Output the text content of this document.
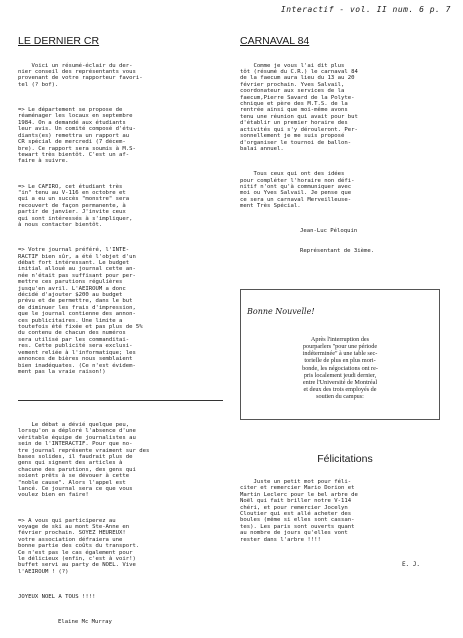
Interactif - vol. II num. 6 p. 7

LE DERNIER CR

Voici un résumé-éclair du der-
nier conseil des représentants vous
provenant de votre rapporteur favori-
tel (? bof).

=> Le département se propose de
réaménager les locaux en septembre
1984. On a demandé aux étudiants
leur avis. Un comité composé d'étu-
diants(es) remettra un rapport au
CR spécial de mercredi (7 décem-
bre). Ce rapport sera soumis à M.S-
tewart très bientôt. C'est un af-
faire à suivre.

=> Le CAFIRO, cet étudiant très
"in" tenu au V-116 en octobre et
qui a eu un succès "monstre" sera
recouvert de façon permanente, à
partir de janvier. J'invite ceux
qui sont intéressés à s'impliquer,
à nous contacter bientôt.

=> Votre journal préféré, l'INTE-
RACTIF bien sûr, a été l'objet d'un
débat fort intéressant. Le budget
initial alloué au journal cette an-
née n'était pas suffisant pour per-
mettre ces parutions régulières
jusqu'en avril. L'AEIROUM a donc
décidé d'ajouter $200 au budget
prévu et de permettre, dans le but
de diminuer les frais d'impression,
que le journal contienne des annon-
ces publicitaires. Une limite a
toutefois été fixée et pas plus de 5%
du contenu de chacun des numéros
sera utilisé par les commanditai-
res. Cette publicité sera exclusi-
vement reliée à l'informatique; les
annonces de bières nous semblaient
bien inadéquates. (Ce n'est évidem-
ment pas la vraie raison!)

Le débat a dévié quelque peu,
lorsqu'on a déploré l'absence d'une
véritable équipe de journalistes au
sein de l'INTERACTIF. Pour que no-
tre journal représente vraiment sur des
bases solides, il faudrait plus de
gens qui signent des articles à
chacune des parutions, des gens qui
soient prêts à se dévouer à cette
"noble cause". Alors l'appel est
lancé. Ce journal sera ce que vous
voulez bien en faire!

=> A vous qui participerez au
voyage de ski au mont Ste-Anne en
février prochain. SOYEZ HEUREUX!
votre association défraiera une
bonne partie des coûts du transport.
Ce n'est pas le cas également pour
le délicieux (enfin, c'est à voir!)
buffet servi au party de NOEL. Vive
l'AEIROUM ! (?)

JOYEUX NOEL A TOUS !!!!

Elaine Mc Murray

CARNAVAL 84

Comme je vous l'ai dit plus
tôt (résumé du C.R.) le carnaval 84
de la faecum aura lieu du 13 au 20
février prochain. Yves Salvail,
coordonateur aux services de la
faecum,Pierre Savard de la Polyte-
chnique et père des M.T.S. de la
rentrée ainsi que moi-même avons
tenu une réunion qui avait pour but
d'établir un premier horaire des
activités qui s'y dérouleront. Per-
sonnellement je me suis proposé
d'organiser le tournoi de ballon-
balai annuel.

Tous ceux qui ont des idées
pour compléter l'horaire non défi-
nitif n'ont qu'à communiquer avec
moi ou Yves Salvail. Je pense que
ce sera un carnaval Merveilleuse-
ment Très Spécial.

Jean-Luc Péloquin

Représentant de 3ième.

Bonne Nouvelle!

Après l'interruption des
pourparlers "pour une période
indéterminée" à une table sec-
torielle de plus en plus mori-
bonde, les négociations ont re-
pris localement jeudi dernier,
entre l'Université de Montréal
et deux des trois employés de
soutien du campus:

Félicitations

Juste un petit mot pour féli-
citer et remercier Mario Dorion et
Martin Leclerc pour le bel arbre de
Noël qui fait briller notre V-114
chéri, et pour remercier Jocelyn
Cloutier qui est allé acheter des
boules (même si elles sont cassan-
tes). Les paris sont ouverts quant
au nombre de jours qu'elles vont
rester dans l'arbre !!!!

E. J.
